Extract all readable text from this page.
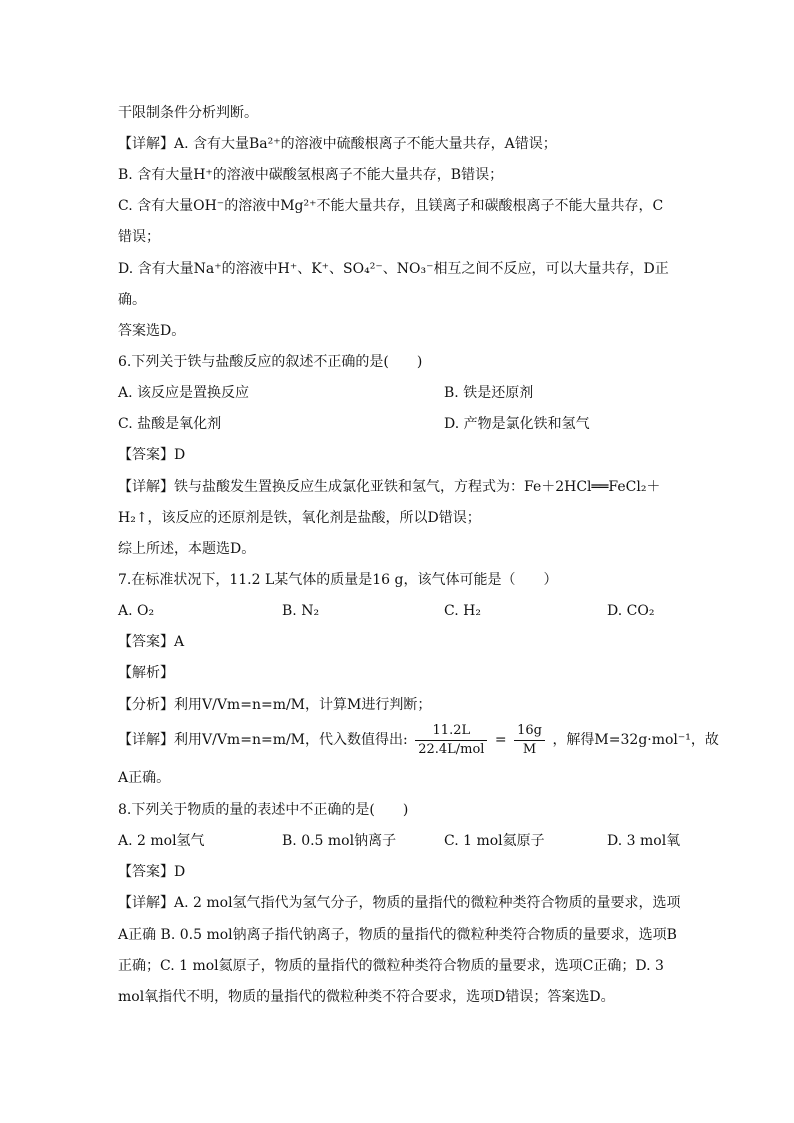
干限制条件分析判断。
【详解】A. 含有大量Ba²⁺的溶液中硫酸根离子不能大量共存，A错误；
B. 含有大量H⁺的溶液中碳酸氢根离子不能大量共存，B错误；
C. 含有大量OH⁻的溶液中Mg²⁺不能大量共存，且镁离子和碳酸根离子不能大量共存，C
错误；
D. 含有大量Na⁺的溶液中H⁺、K⁺、SO₄²⁻、NO₃⁻相互之间不反应，可以大量共存，D正
确。
答案选D。
6.下列关于铁与盐酸反应的叙述不正确的是(　　)
A. 该反应是置换反应	B. 铁是还原剂
C. 盐酸是氧化剂	D. 产物是氯化铁和氢气
【答案】D
【详解】铁与盐酸发生置换反应生成氯化亚铁和氢气，方程式为：Fe＋2HCl══FeCl₂＋
H₂↑，该反应的还原剂是铁，氧化剂是盐酸，所以D错误；
综上所述，本题选D。
7.在标准状况下，11.2 L某气体的质量是16 g，该气体可能是（　　）
A. O₂	B. N₂	C. H₂	D. CO₂
【答案】A
【解析】
【分析】利用V/Vm=n=m/M，计算M进行判断；
【详解】利用V/Vm=n=m/M，代入数值得出: $\frac{11.2L}{\text{22.4L/mol}} = \frac{16g}{M}$ ，解得M=32g·mol⁻¹，故
A正确。
8.下列关于物质的量的表述中不正确的是(　　)
A. 2 mol氢气	B. 0.5 mol钠离子	C. 1 mol氦原子	D. 3 mol氧
【答案】D
【详解】A. 2 mol氢气指代为氢气分子，物质的量指代的微粒种类符合物质的量要求，选项
A正确 B. 0.5 mol钠离子指代钠离子，物质的量指代的微粒种类符合物质的量要求，选项B
正确；C. 1 mol氦原子，物质的量指代的微粒种类符合物质的量要求，选项C正确；D. 3
mol氧指代不明，物质的量指代的微粒种类不符合要求，选项D错误；答案选D。
